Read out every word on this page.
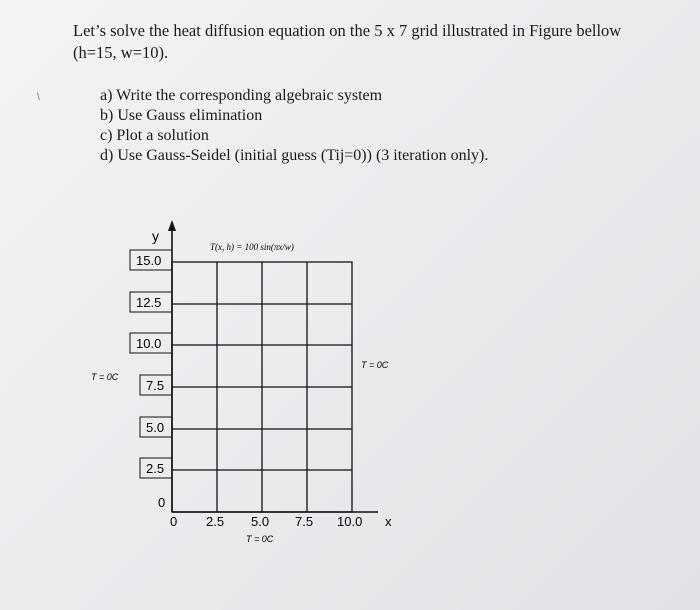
Let’s solve the heat diffusion equation on the 5 x 7 grid illustrated in Figure bellow
(h=15, w=10).
\	a) Write the corresponding algebraic system
b) Use Gauss elimination
c) Plot a solution
d) Use Gauss-Seidel (initial guess (Tij=0)) (3 iteration only).
y
15.0
12.5
10.0
7.5
5.0
2.5
0
0 2.5 5.0 7.5 10.0 x
T(x, h) = 100 sin(πx/w)
T = 0C
T = 0C
T = 0C
